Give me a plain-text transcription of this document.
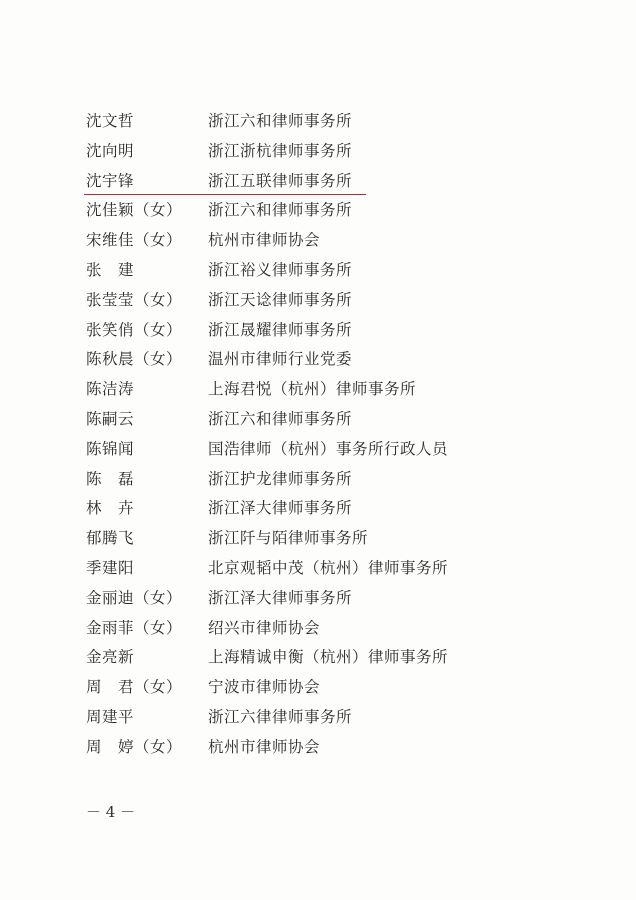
沈文哲	浙江六和律师事务所
沈向明	浙江浙杭律师事务所
沈宇锋	浙江五联律师事务所
沈佳颖（女） 浙江六和律师事务所
宋维佳（女） 杭州市律师协会
张　建	浙江裕义律师事务所
张莹莹（女） 浙江天谂律师事务所
张笑俏（女） 浙江晟耀律师事务所
陈秋晨（女） 温州市律师行业党委
陈洁涛	上海君悦（杭州）律师事务所
陈嗣云	浙江六和律师事务所
陈锦闻	国浩律师（杭州）事务所行政人员
陈　磊	浙江护龙律师事务所
林　卉	浙江泽大律师事务所
郁腾飞	浙江阡与陌律师事务所
季建阳	北京观韬中茂（杭州）律师事务所
金丽迪（女） 浙江泽大律师事务所
金雨菲（女） 绍兴市律师协会
金亮新	上海精诚申衡（杭州）律师事务所
周　君（女） 宁波市律师协会
周建平	浙江六律律师事务所
周　婷（女） 杭州市律师协会
－ 4 －
